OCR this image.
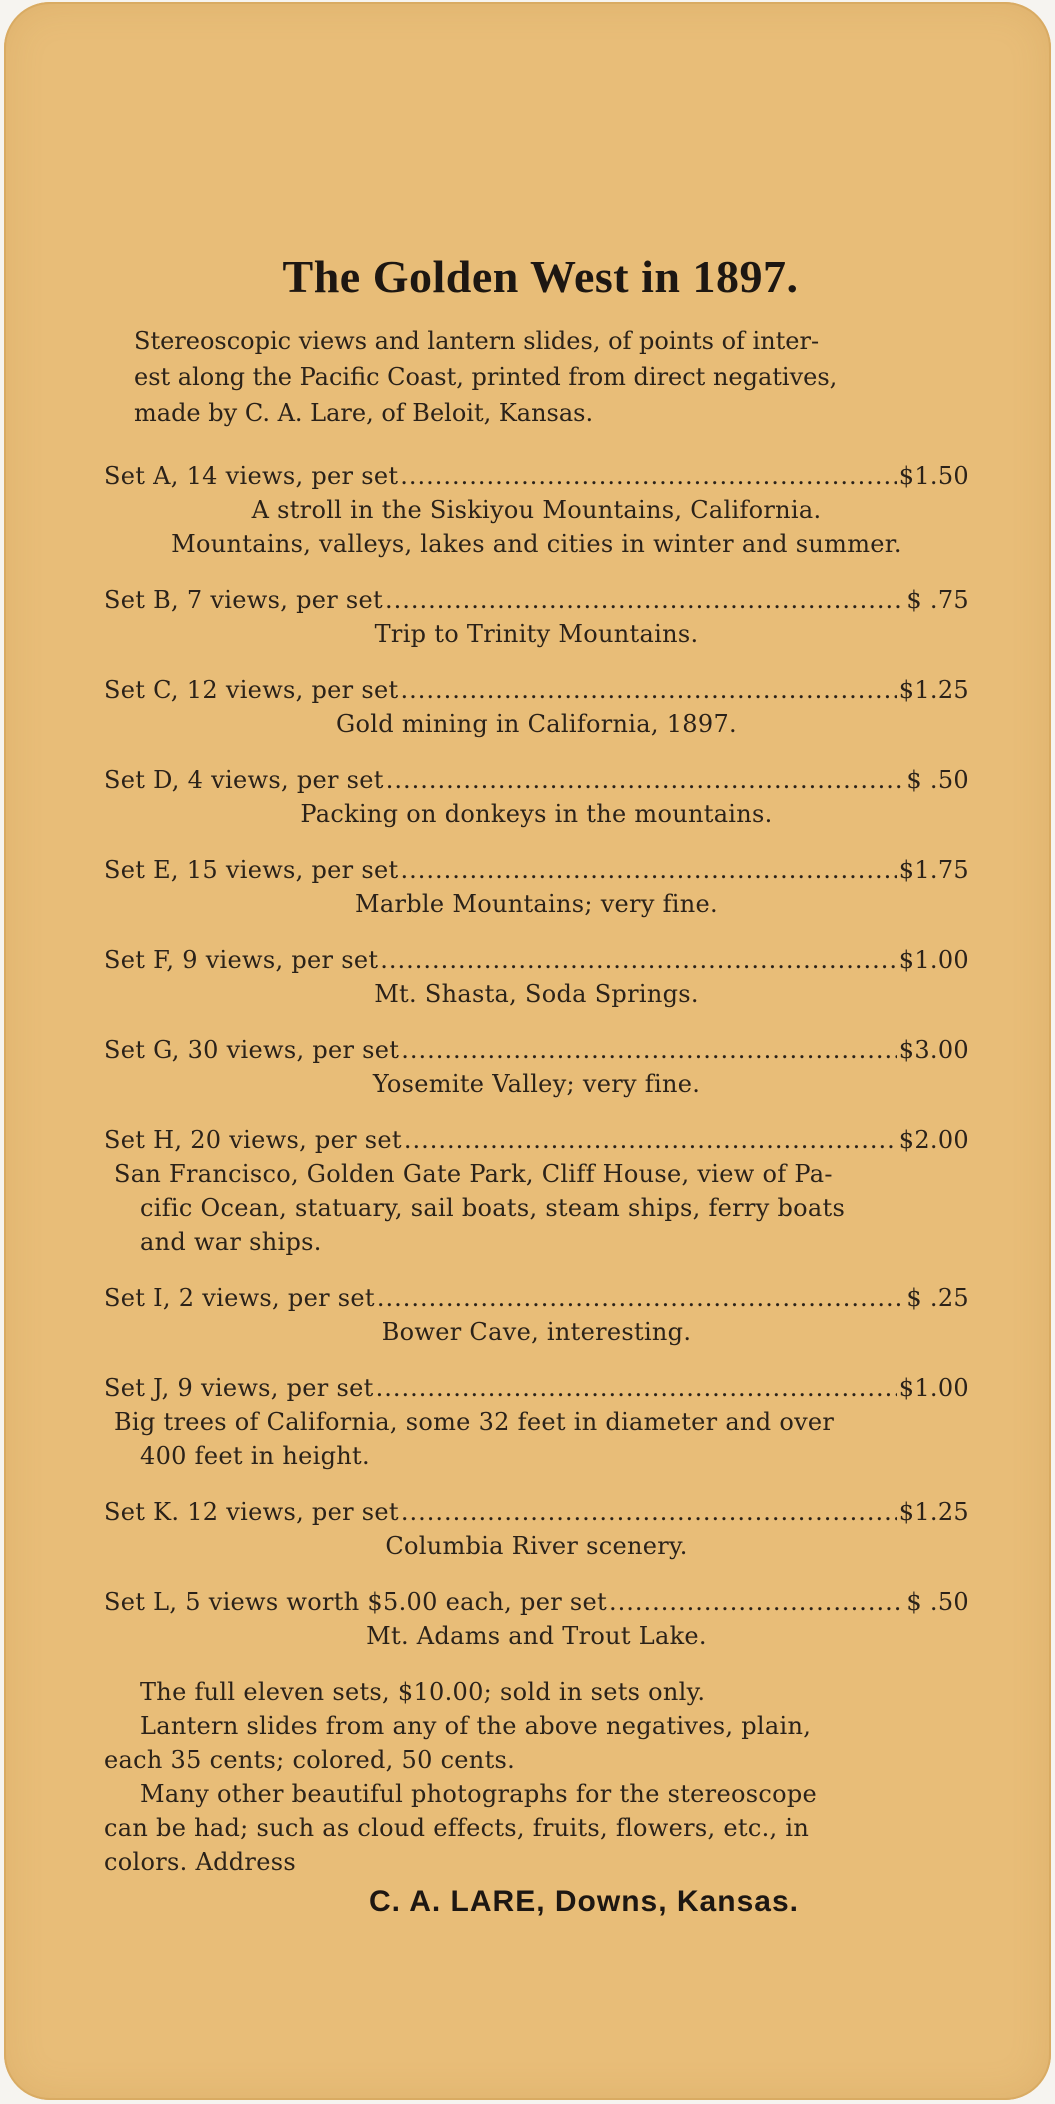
The Golden West in 1897.
Stereoscopic views and lantern slides, of points of inter-
est along the Pacific Coast, printed from direct negatives,
made by C. A. Lare, of Beloit, Kansas.
Set A, 14 views, per set .....	$1.50
A stroll in the Siskiyou Mountains, California.
Mountains, valleys, lakes and cities in winter and summer.
Set B, 7 views, per set .....	$ .75
Trip to Trinity Mountains.
Set C, 12 views, per set .....	$1.25
Gold mining in California, 1897.
Set D, 4 views, per set .....	$ .50
Packing on donkeys in the mountains.
Set E, 15 views, per set .....	$1.75
Marble Mountains; very fine.
Set F, 9 views, per set .....	$1.00
Mt. Shasta, Soda Springs.
Set G, 30 views, per set .....	$3.00
Yosemite Valley; very fine.
Set H, 20 views, per set .....	$2.00
San Francisco, Golden Gate Park, Cliff House, view of Pa-
cific Ocean, statuary, sail boats, steam ships, ferry boats
and war ships.
Set I, 2 views, per set .....	$ .25
Bower Cave, interesting.
Set J, 9 views, per set .....	$1.00
Big trees of California, some 32 feet in diameter and over
400 feet in height.
Set K. 12 views, per set .....	$1.25
Columbia River scenery.
Set L, 5 views worth $5.00 each, per set .....	$ .50
Mt. Adams and Trout Lake.

The full eleven sets, $10.00; sold in sets only.

Lantern slides from any of the above negatives, plain,

each 35 cents; colored, 50 cents.

Many other beautiful photographs for the stereoscope

can be had; such as cloud effects, fruits, flowers, etc., in
colors. Address
C. A. LARE, Downs, Kansas.
